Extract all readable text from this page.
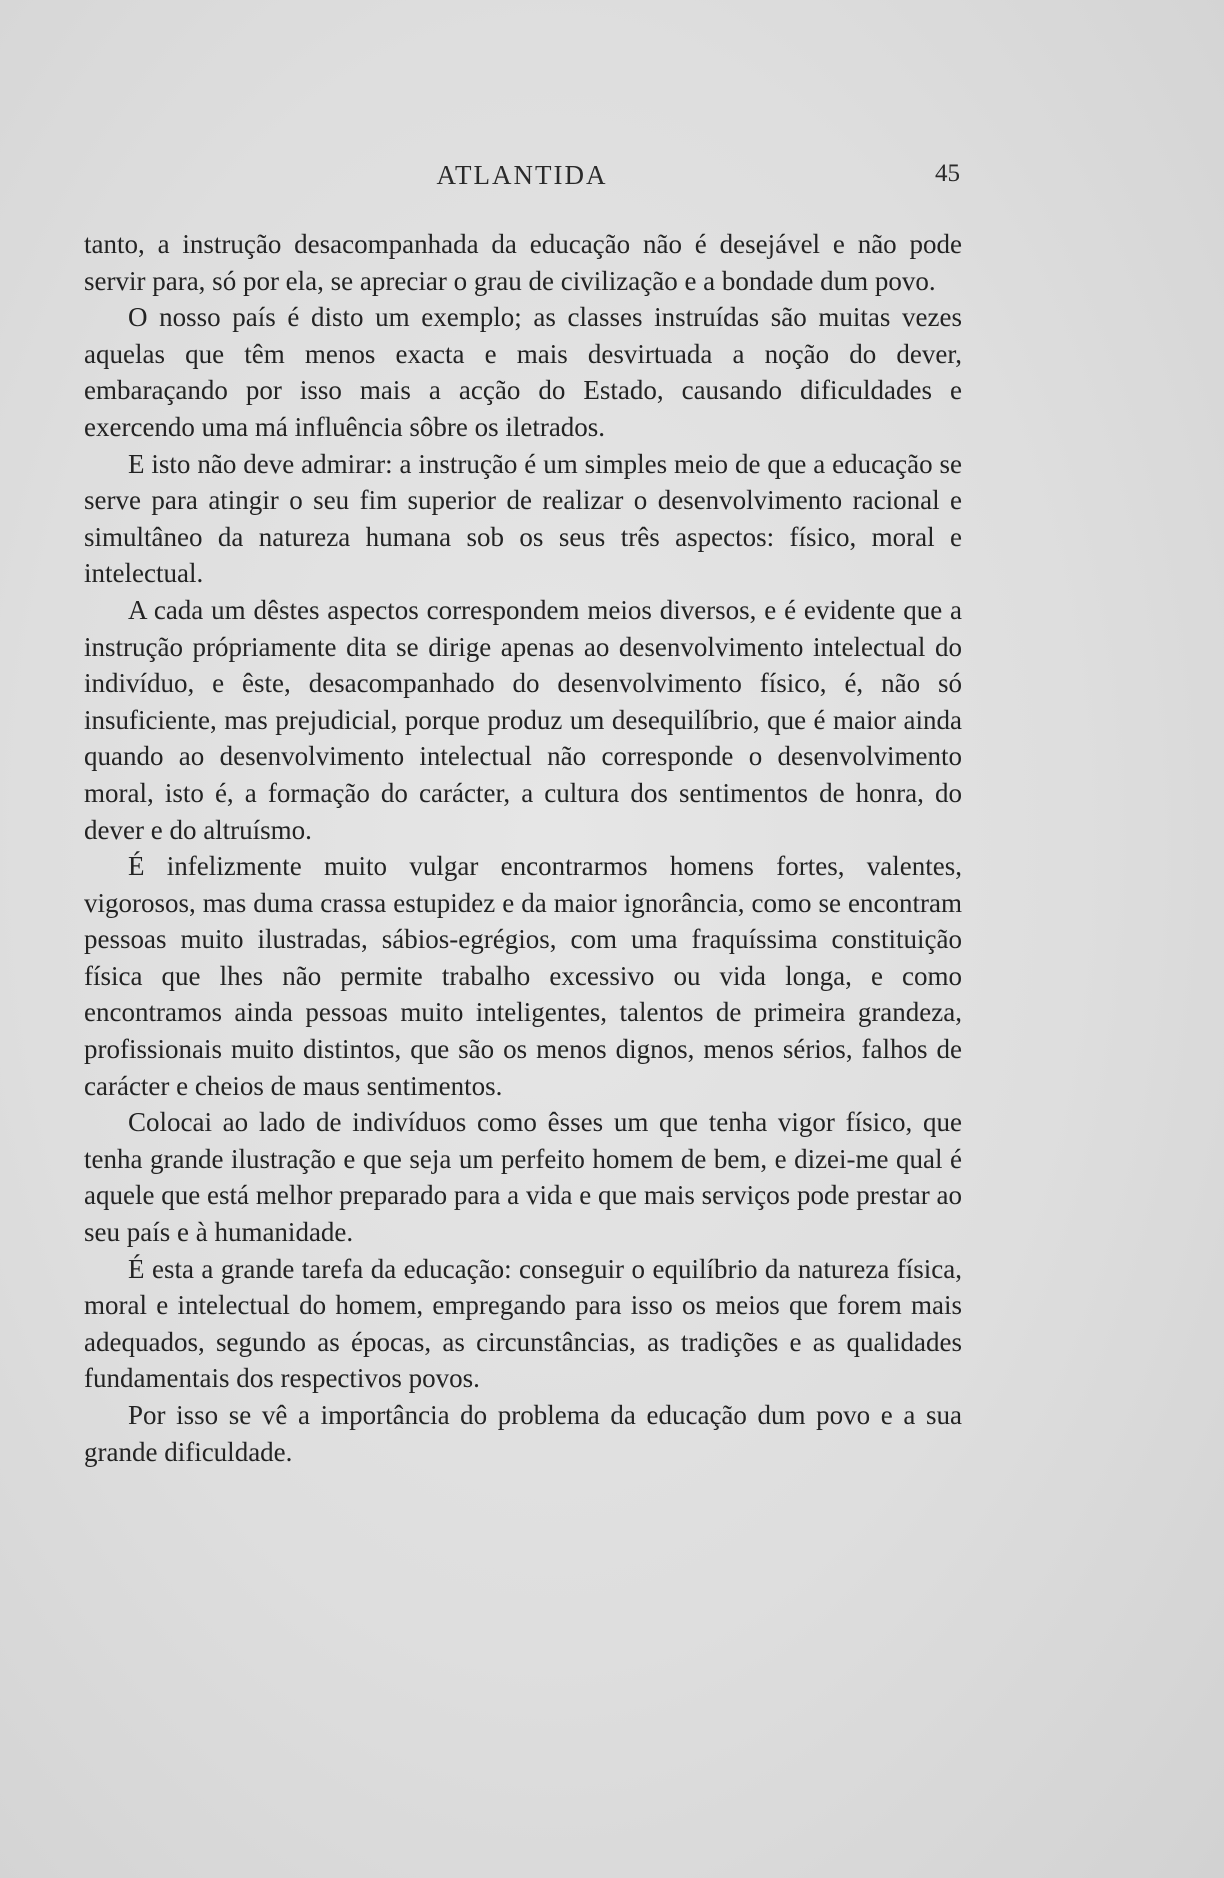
ATLANTIDA	45

tanto, a instrução desacompanhada da educação não é desejável e não pode servir para, só por ela, se apreciar o grau de civilização e a bondade dum povo.

O nosso país é disto um exemplo; as classes instruídas são muitas vezes aquelas que têm menos exacta e mais desvirtuada a noção do dever, embaraçando por isso mais a acção do Estado, causando dificuldades e exercendo uma má influência sôbre os iletrados.

E isto não deve admirar: a instrução é um simples meio de que a educação se serve para atingir o seu fim superior de realizar o desenvolvimento racional e simultâneo da natureza humana sob os seus três aspectos: físico, moral e intelectual.

A cada um dêstes aspectos correspondem meios diversos, e é evidente que a instrução própriamente dita se dirige apenas ao desenvolvimento intelectual do indivíduo, e êste, desacompanhado do desenvolvimento físico, é, não só insuficiente, mas prejudicial, porque produz um desequilíbrio, que é maior ainda quando ao desenvolvimento intelectual não corresponde o desenvolvimento moral, isto é, a formação do carácter, a cultura dos sentimentos de honra, do dever e do altruísmo.

É infelizmente muito vulgar encontrarmos homens fortes, valentes, vigorosos, mas duma crassa estupidez e da maior ignorância, como se encontram pessoas muito ilustradas, sábios-egrégios, com uma fraquíssima constituição física que lhes não permite trabalho excessivo ou vida longa, e como encontramos ainda pessoas muito inteligentes, talentos de primeira grandeza, profissionais muito distintos, que são os menos dignos, menos sérios, falhos de carácter e cheios de maus sentimentos.

Colocai ao lado de indivíduos como êsses um que tenha vigor físico, que tenha grande ilustração e que seja um perfeito homem de bem, e dizei-me qual é aquele que está melhor preparado para a vida e que mais serviços pode prestar ao seu país e à humanidade.

É esta a grande tarefa da educação: conseguir o equilíbrio da natureza física, moral e intelectual do homem, empregando para isso os meios que forem mais adequados, segundo as épocas, as circunstâncias, as tradições e as qualidades fundamentais dos respectivos povos.

Por isso se vê a importância do problema da educação dum povo e a sua grande dificuldade.
